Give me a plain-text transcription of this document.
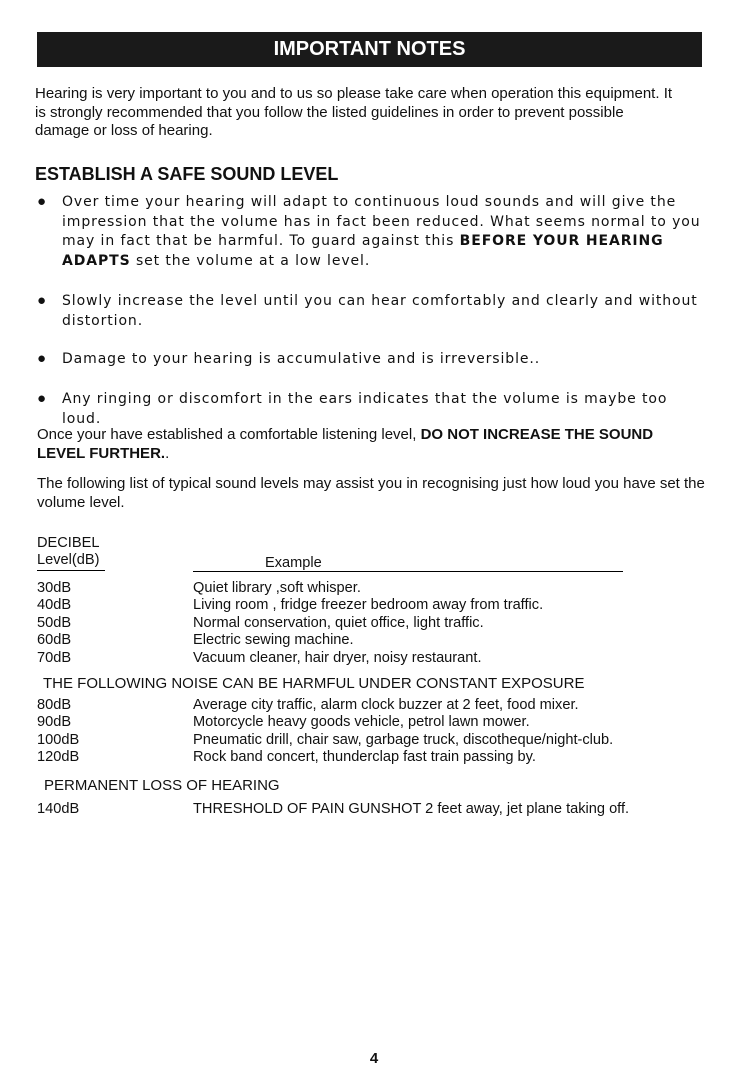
IMPORTANT NOTES
Hearing is very important to you and to us so please take care when operation this equipment. It is strongly recommended that you follow the listed guidelines in order to prevent possible damage or loss of hearing.
ESTABLISH A SAFE SOUND LEVEL
● Over time your hearing will adapt to continuous loud sounds and will give the impression that the volume has in fact been reduced. What seems normal to you may in fact that be harmful. To guard against this BEFORE YOUR HEARING ADAPTS set the volume at a low level.
● Slowly increase the level until you can hear comfortably and clearly and without distortion.
● Damage to your hearing is accumulative and is irreversible..
● Any ringing or discomfort in the ears indicates that the volume is maybe too loud.
Once your have established a comfortable listening level, DO NOT INCREASE THE SOUND LEVEL FURTHER..
The following list of typical sound levels may assist you in recognising just how loud you have set the volume level.
DECIBEL
Level(dB)	Example
30dB	Quiet library ,soft whisper.
40dB	Living room , fridge freezer bedroom away from traffic.
50dB	Normal conservation, quiet office, light traffic.
60dB	Electric sewing machine.
70dB	Vacuum cleaner, hair dryer, noisy restaurant.
THE FOLLOWING NOISE CAN BE HARMFUL UNDER CONSTANT EXPOSURE
80dB	Average city traffic, alarm clock buzzer at 2 feet, food mixer.
90dB	Motorcycle heavy goods vehicle, petrol lawn mower.
100dB	Pneumatic drill, chair saw, garbage truck, discotheque/night-club.
120dB	Rock band concert, thunderclap fast train passing by.
PERMANENT LOSS OF HEARING
140dB	THRESHOLD OF PAIN GUNSHOT 2 feet away, jet plane taking off.
4
